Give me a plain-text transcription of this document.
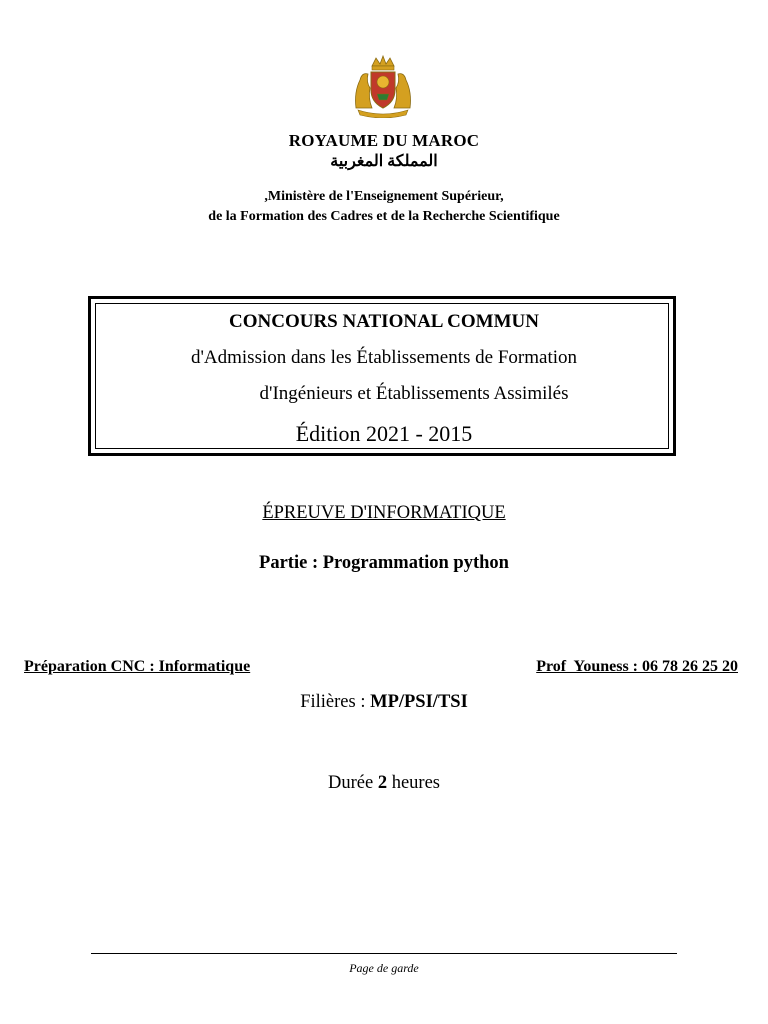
ROYAUME DU MAROC
المملكة المغربية
,Ministère de l'Enseignement Supérieur,
de la Formation des Cadres et de la Recherche Scientifique
CONCOURS NATIONAL COMMUN
d'Admission dans les Établissements de Formation
d'Ingénieurs et Établissements Assimilés
Édition 2021 - 2015
ÉPREUVE D'INFORMATIQUE
Partie : Programmation python
Préparation CNC : Informatique	Prof  Youness : 06 78 26 25 20
Filières : MP/PSI/TSI
Durée 2 heures
Page de garde
